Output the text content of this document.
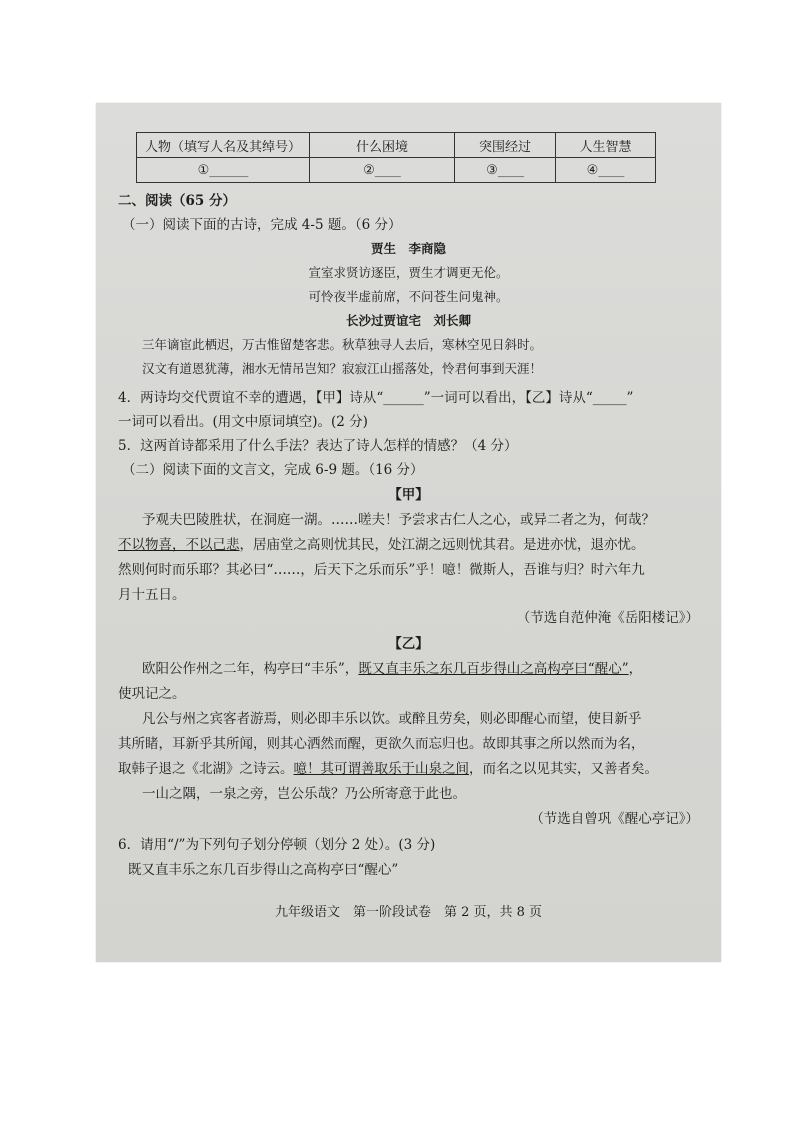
人物（填写人名及其绰号）	什么困境	突围经过	人生智慧
①______	②____	③____	④____
二、阅读（65 分）
（一）阅读下面的古诗，完成 4-5 题。（6 分）
贾生　李商隐
宣室求贤访逐臣，贾生才调更无伦。
可怜夜半虚前席，不问苍生问鬼神。
长沙过贾谊宅　刘长卿
三年谪宦此栖迟，万古惟留楚客悲。秋草独寻人去后，寒林空见日斜时。
汉文有道恩犹薄，湘水无情吊岂知？寂寂江山摇落处，怜君何事到天涯！
4．两诗均交代贾谊不幸的遭遇，【甲】诗从“______”一词可以看出，【乙】诗从“_____”
一词可以看出。(用文中原词填空)。(2 分)
5．这两首诗都采用了什么手法？表达了诗人怎样的情感？（4 分）
（二）阅读下面的文言文，完成 6-9 题。（16 分）
【甲】
予观夫巴陵胜状，在洞庭一湖。……嗟夫！予尝求古仁人之心，或异二者之为，何哉？
不以物喜，不以己悲，居庙堂之高则忧其民，处江湖之远则忧其君。是进亦忧，退亦忧。
然则何时而乐耶？其必曰“……，后天下之乐而乐”乎！噫！微斯人，吾谁与归？时六年九
月十五日。
（节选自范仲淹《岳阳楼记》）
【乙】
欧阳公作州之二年，构亭曰“丰乐”，既又直丰乐之东几百步得山之高构亭曰“醒心”，
使巩记之。
凡公与州之宾客者游焉，则必即丰乐以饮。或醉且劳矣，则必即醒心而望，使目新乎
其所睹，耳新乎其所闻，则其心洒然而醒，更欲久而忘归也。故即其事之所以然而为名，
取韩子退之《北湖》之诗云。噫！其可谓善取乐于山泉之间，而名之以见其实，又善者矣。
一山之隅，一泉之旁，岂公乐哉？乃公所寄意于此也。
（节选自曾巩《醒心亭记》）
6．请用“/”为下列句子划分停顿（划分 2 处）。(3 分)
既又直丰乐之东几百步得山之高构亭曰“醒心”
九年级语文　第一阶段试卷　第 2 页，共 8 页
